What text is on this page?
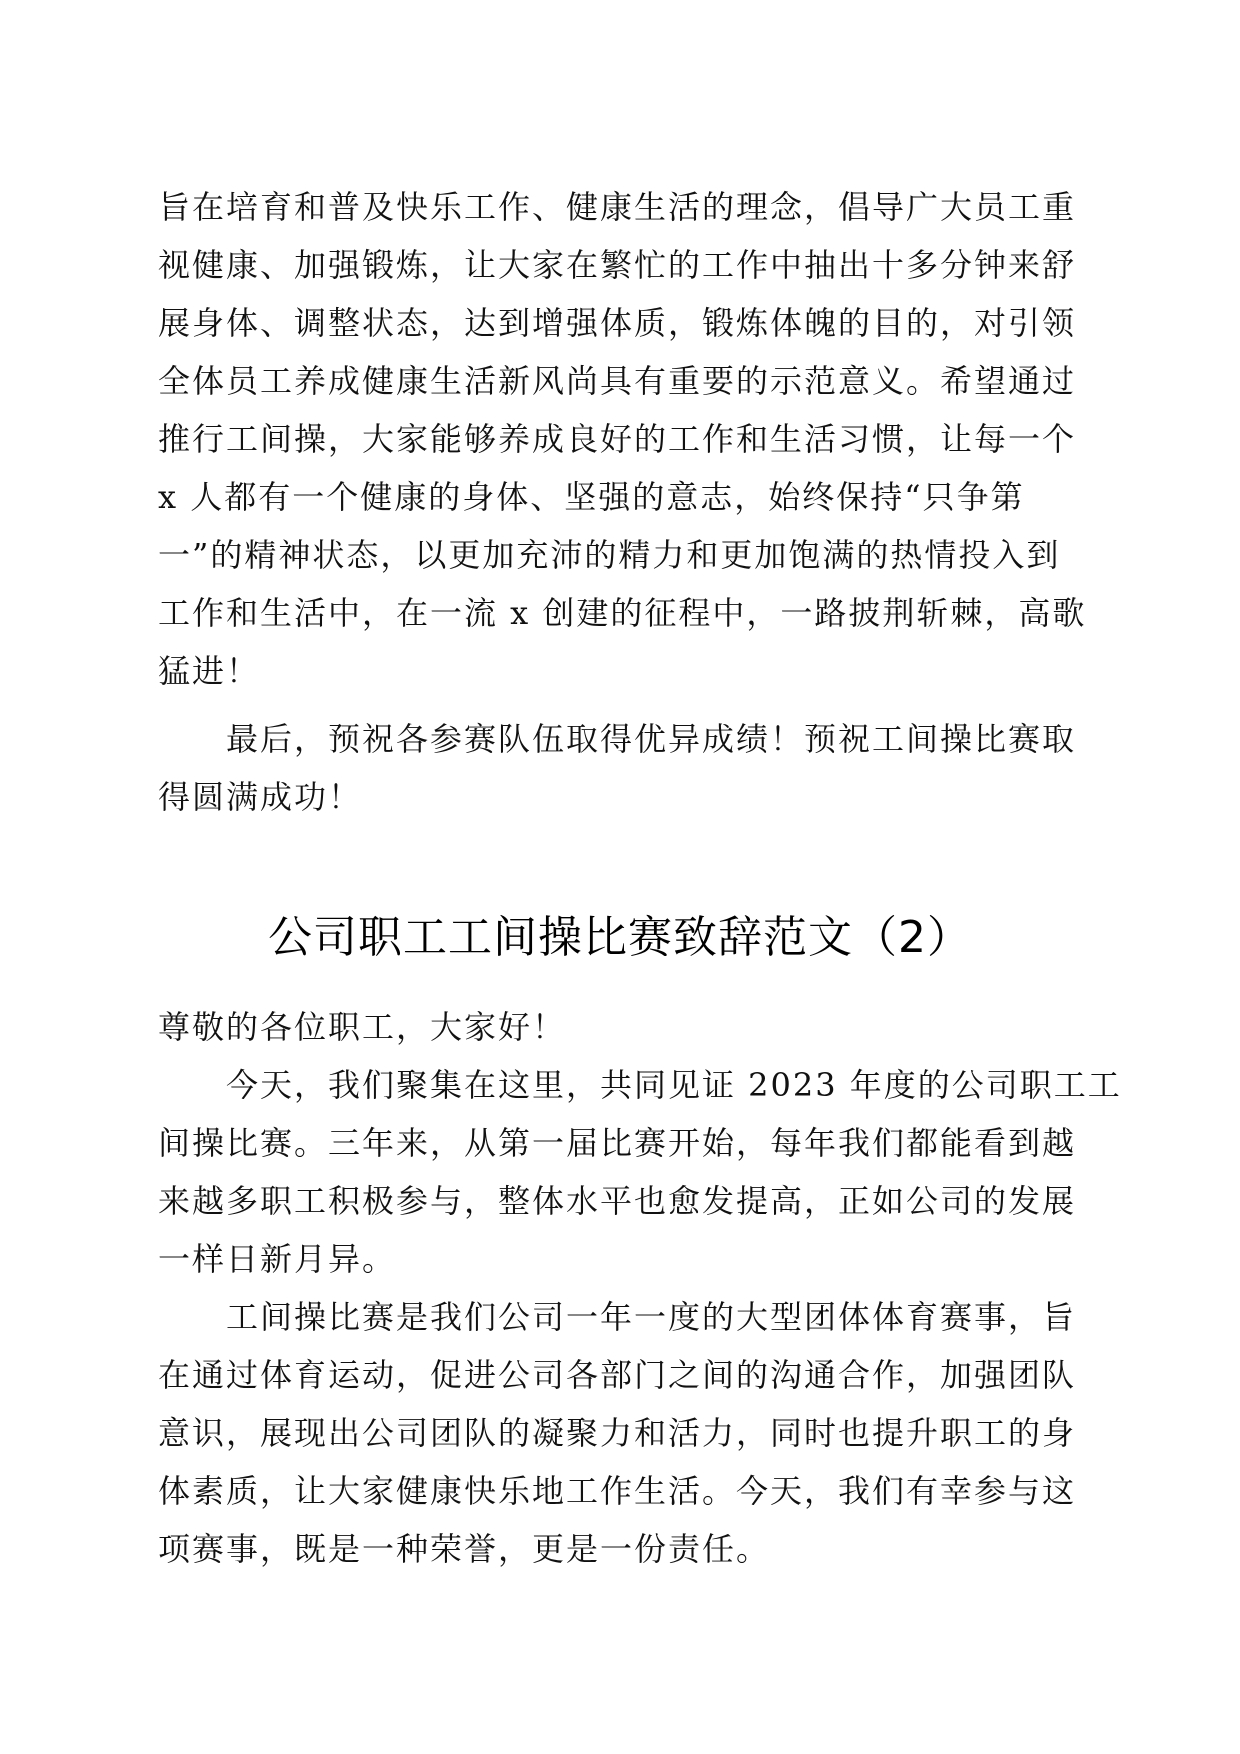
旨在培育和普及快乐工作、健康生活的理念，倡导广大员工重
视健康、加强锻炼，让大家在繁忙的工作中抽出十多分钟来舒
展身体、调整状态，达到增强体质，锻炼体魄的目的，对引领
全体员工养成健康生活新风尚具有重要的示范意义。希望通过
推行工间操，大家能够养成良好的工作和生活习惯，让每一个
x 人都有一个健康的身体、坚强的意志，始终保持“只争第
一”的精神状态，以更加充沛的精力和更加饱满的热情投入到
工作和生活中，在一流 x 创建的征程中，一路披荆斩棘，高歌
猛进！
最后，预祝各参赛队伍取得优异成绩！预祝工间操比赛取
得圆满成功！
公司职工工间操比赛致辞范文（2）
尊敬的各位职工，大家好！
今天，我们聚集在这里，共同见证 2023 年度的公司职工工
间操比赛。三年来，从第一届比赛开始，每年我们都能看到越
来越多职工积极参与，整体水平也愈发提高，正如公司的发展
一样日新月异。
工间操比赛是我们公司一年一度的大型团体体育赛事，旨
在通过体育运动，促进公司各部门之间的沟通合作，加强团队
意识，展现出公司团队的凝聚力和活力，同时也提升职工的身
体素质，让大家健康快乐地工作生活。今天，我们有幸参与这
项赛事，既是一种荣誉，更是一份责任。
